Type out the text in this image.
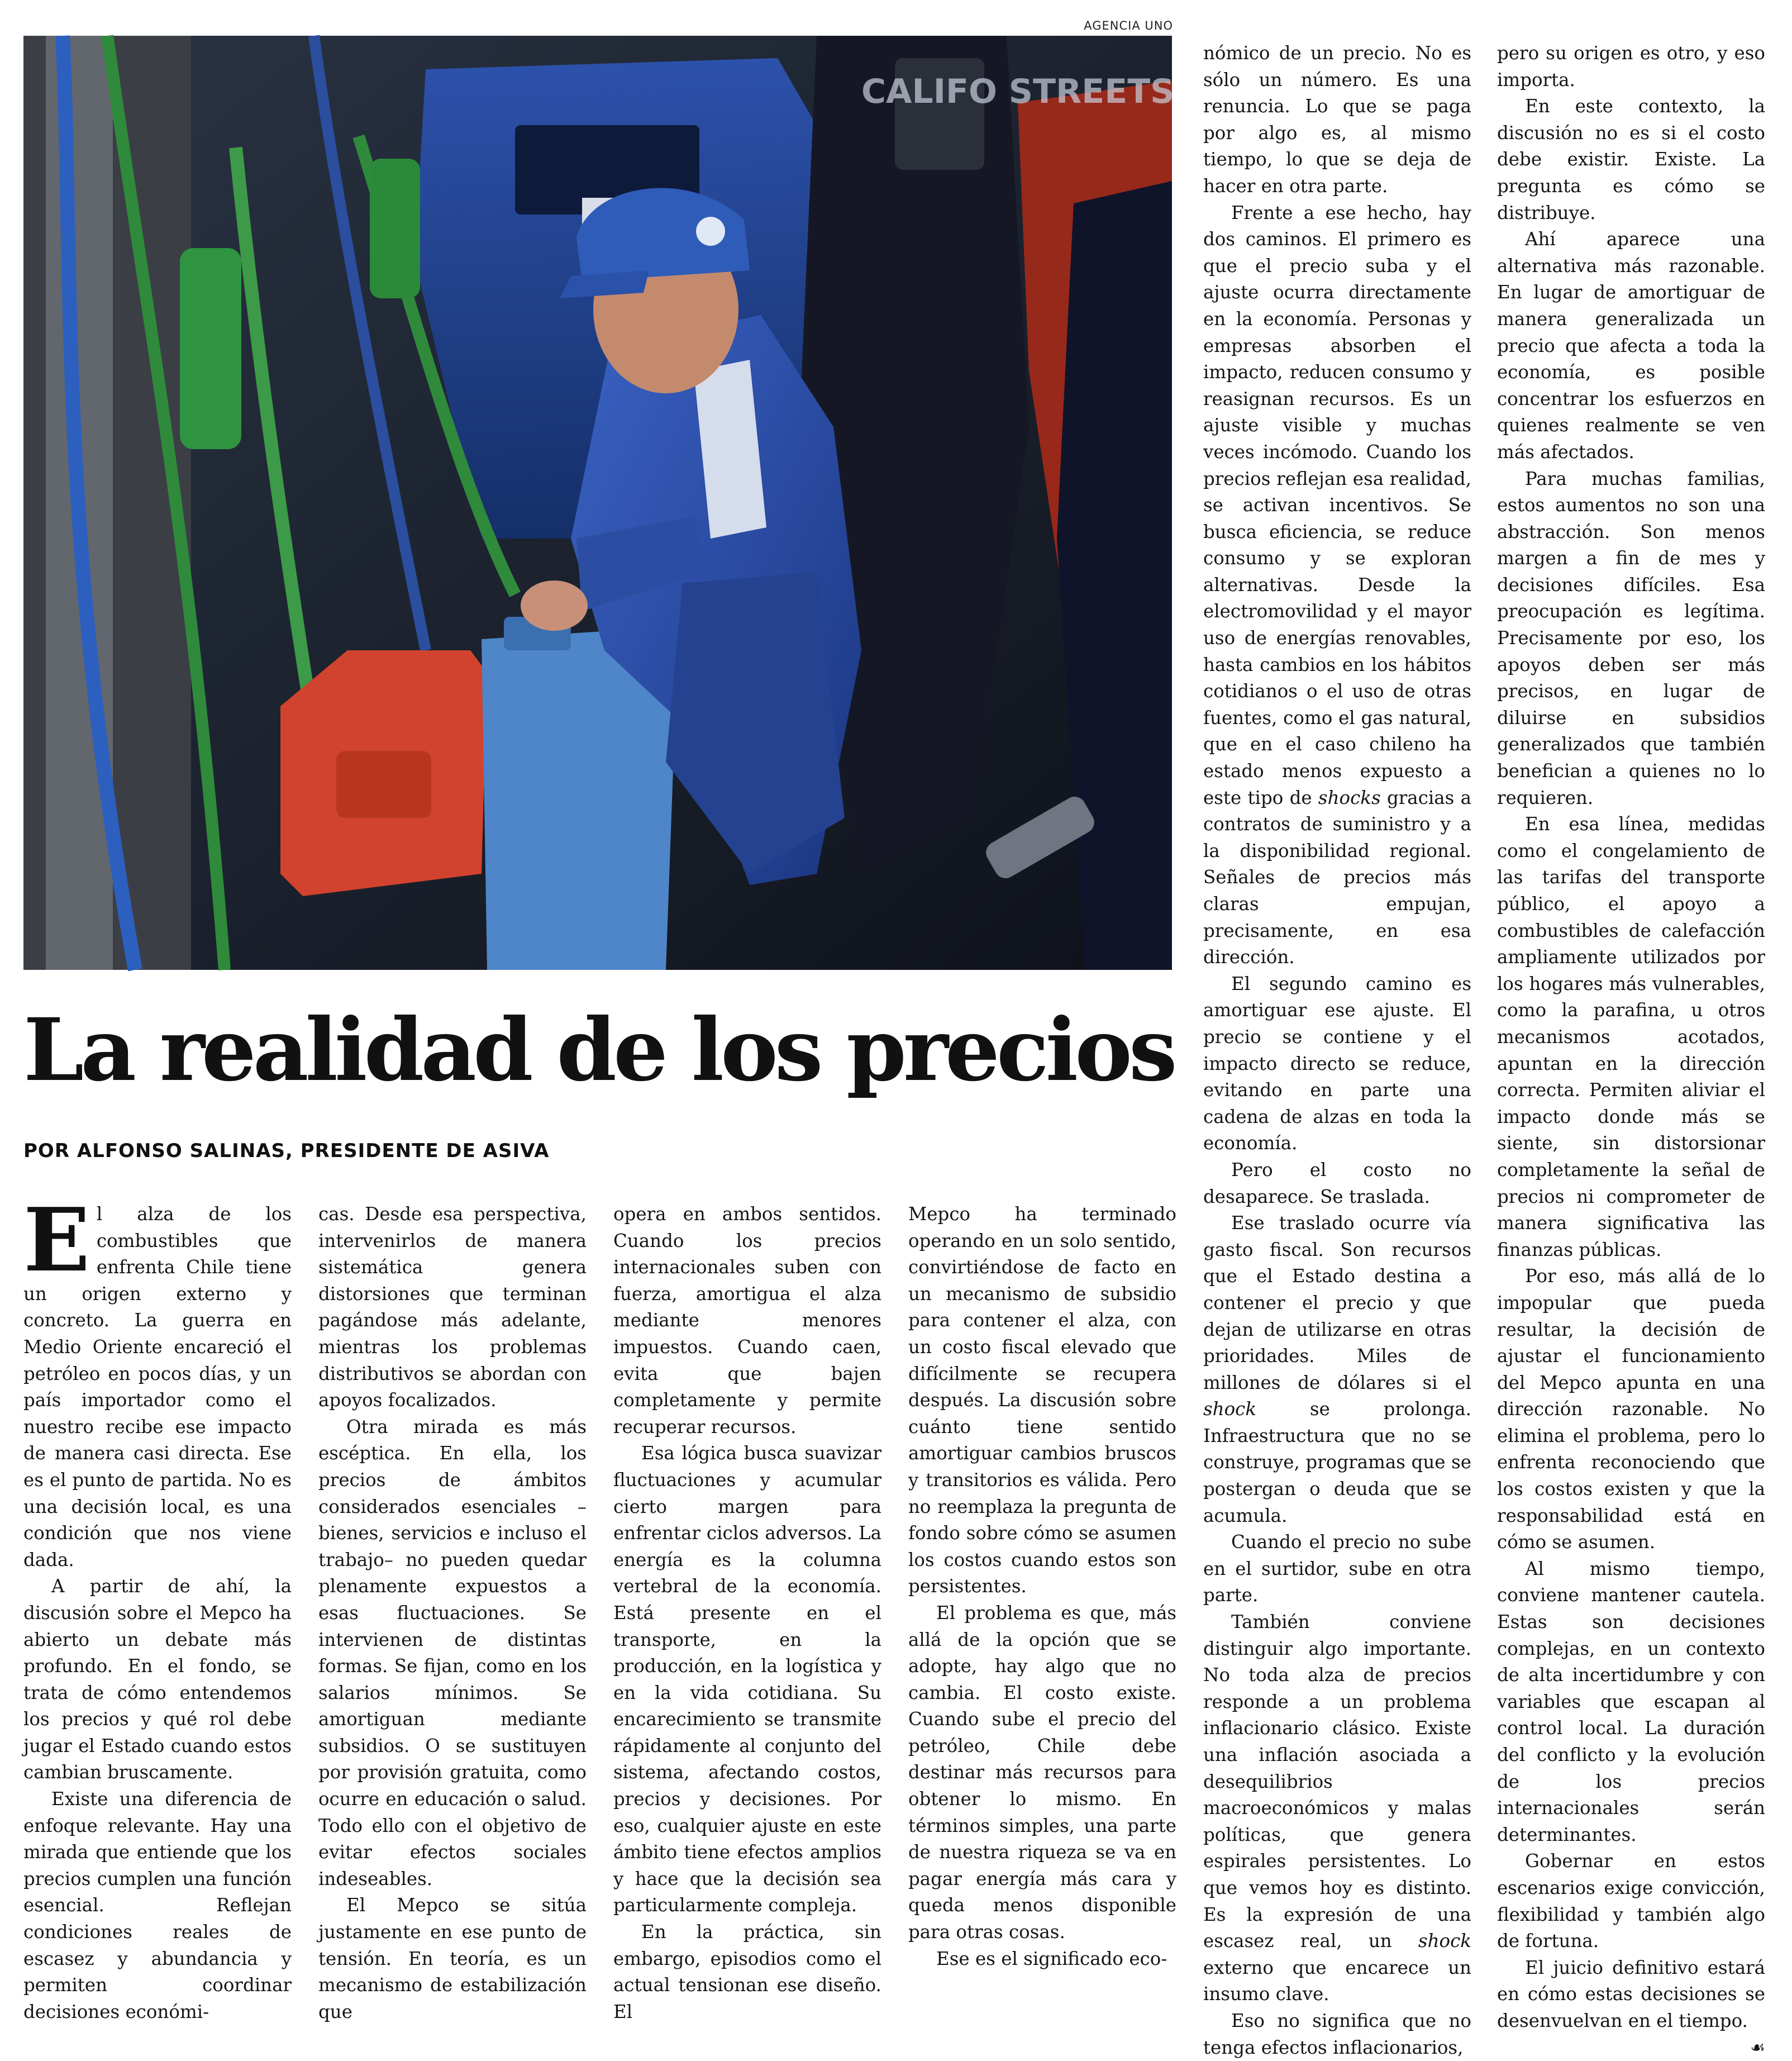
AGENCIA UNO
CALIFO STREETS
La realidad de los precios
POR ALFONSO SALINAS, PRESIDENTE DE ASIVA
E l alza de los combustibles que enfrenta Chile tiene un origen externo y concreto. La guerra en Medio Oriente encareció el petróleo en pocos días, y un país importador como el nuestro recibe ese impacto de manera casi directa. Ese es el punto de partida. No es una decisión local, es una condición que nos viene dada.

A partir de ahí, la discusión sobre el Mepco ha abierto un debate más profundo. En el fondo, se trata de cómo entendemos los precios y qué rol debe jugar el Estado cuando estos cambian bruscamente.

Existe una diferencia de enfoque relevante. Hay una mirada que entiende que los precios cumplen una función esencial. Reflejan condiciones reales de escasez y abundancia y permiten coordinar decisiones económi-

cas. Desde esa perspectiva, intervenirlos de manera sistemática genera distorsiones que terminan pagándose más adelante, mientras los problemas distributivos se abordan con apoyos focalizados.

Otra mirada es más escéptica. En ella, los precios de ámbitos considerados esenciales –bienes, servicios e incluso el trabajo– no pueden quedar plenamente expuestos a esas fluctuaciones. Se intervienen de distintas formas. Se fijan, como en los salarios mínimos. Se amortiguan mediante subsidios. O se sustituyen por provisión gratuita, como ocurre en educación o salud. Todo ello con el objetivo de evitar efectos sociales indeseables.

El Mepco se sitúa justamente en ese punto de tensión. En teoría, es un mecanismo de estabilización que

opera en ambos sentidos. Cuando los precios internacionales suben con fuerza, amortigua el alza mediante menores impuestos. Cuando caen, evita que bajen completamente y permite recuperar recursos.

Esa lógica busca suavizar fluctuaciones y acumular cierto margen para enfrentar ciclos adversos. La energía es la columna vertebral de la economía. Está presente en el transporte, en la producción, en la logística y en la vida cotidiana. Su encarecimiento se transmite rápidamente al conjunto del sistema, afectando costos, precios y decisiones. Por eso, cualquier ajuste en este ámbito tiene efectos amplios y hace que la decisión sea particularmente compleja.

En la práctica, sin embargo, episodios como el actual tensionan ese diseño. El

Mepco ha terminado operando en un solo sentido, convirtiéndose de facto en un mecanismo de subsidio para contener el alza, con un costo fiscal elevado que difícilmente se recupera después. La discusión sobre cuánto tiene sentido amortiguar cambios bruscos y transitorios es válida. Pero no reemplaza la pregunta de fondo sobre cómo se asumen los costos cuando estos son persistentes.

El problema es que, más allá de la opción que se adopte, hay algo que no cambia. El costo existe. Cuando sube el precio del petróleo, Chile debe destinar más recursos para obtener lo mismo. En términos simples, una parte de nuestra riqueza se va en pagar energía más cara y queda menos disponible para otras cosas.

Ese es el significado eco-

nómico de un precio. No es sólo un número. Es una renuncia. Lo que se paga por algo es, al mismo tiempo, lo que se deja de hacer en otra parte.

Frente a ese hecho, hay dos caminos. El primero es que el precio suba y el ajuste ocurra directamente en la economía. Personas y empresas absorben el impacto, reducen consumo y reasignan recursos. Es un ajuste visible y muchas veces incómodo. Cuando los precios reflejan esa realidad, se activan incentivos. Se busca eficiencia, se reduce consumo y se exploran alternativas. Desde la electromovilidad y el mayor uso de energías renovables, hasta cambios en los hábitos cotidianos o el uso de otras fuentes, como el gas natural, que en el caso chileno ha estado menos expuesto a este tipo de shocks gracias a contratos de suministro y a la disponibilidad regional. Señales de precios más claras empujan, precisamente, en esa dirección.

El segundo camino es amortiguar ese ajuste. El precio se contiene y el impacto directo se reduce, evitando en parte una cadena de alzas en toda la economía.

Pero el costo no desaparece. Se traslada.

Ese traslado ocurre vía gasto fiscal. Son recursos que el Estado destina a contener el precio y que dejan de utilizarse en otras prioridades. Miles de millones de dólares si el shock se prolonga. Infraestructura que no se construye, programas que se postergan o deuda que se acumula.

Cuando el precio no sube en el surtidor, sube en otra parte.

También conviene distinguir algo importante. No toda alza de precios responde a un problema inflacionario clásico. Existe una inflación asociada a desequilibrios macroeconómicos y malas políticas, que genera espirales persistentes. Lo que vemos hoy es distinto. Es la expresión de una escasez real, un shock externo que encarece un insumo clave.

Eso no significa que no tenga efectos inflacionarios,

pero su origen es otro, y eso importa.

En este contexto, la discusión no es si el costo debe existir. Existe. La pregunta es cómo se distribuye.

Ahí aparece una alternativa más razonable. En lugar de amortiguar de manera generalizada un precio que afecta a toda la economía, es posible concentrar los esfuerzos en quienes realmente se ven más afectados.

Para muchas familias, estos aumentos no son una abstracción. Son menos margen a fin de mes y decisiones difíciles. Esa preocupación es legítima. Precisamente por eso, los apoyos deben ser más precisos, en lugar de diluirse en subsidios generalizados que también benefician a quienes no lo requieren.

En esa línea, medidas como el congelamiento de las tarifas del transporte público, el apoyo a combustibles de calefacción ampliamente utilizados por los hogares más vulnerables, como la parafina, u otros mecanismos acotados, apuntan en la dirección correcta. Permiten aliviar el impacto donde más se siente, sin distorsionar completamente la señal de precios ni comprometer de manera significativa las finanzas públicas.

Por eso, más allá de lo impopular que pueda resultar, la decisión de ajustar el funcionamiento del Mepco apunta en una dirección razonable. No elimina el problema, pero lo enfrenta reconociendo que los costos existen y que la responsabilidad está en cómo se asumen.

Al mismo tiempo, conviene mantener cautela. Estas son decisiones complejas, en un contexto de alta incertidumbre y con variables que escapan al control local. La duración del conflicto y la evolución de los precios internacionales serán determinantes.

Gobernar en estos escenarios exige convicción, flexibilidad y también algo de fortuna.

El juicio definitivo estará en cómo estas decisiones se desenvuelvan en el tiempo.
☙
